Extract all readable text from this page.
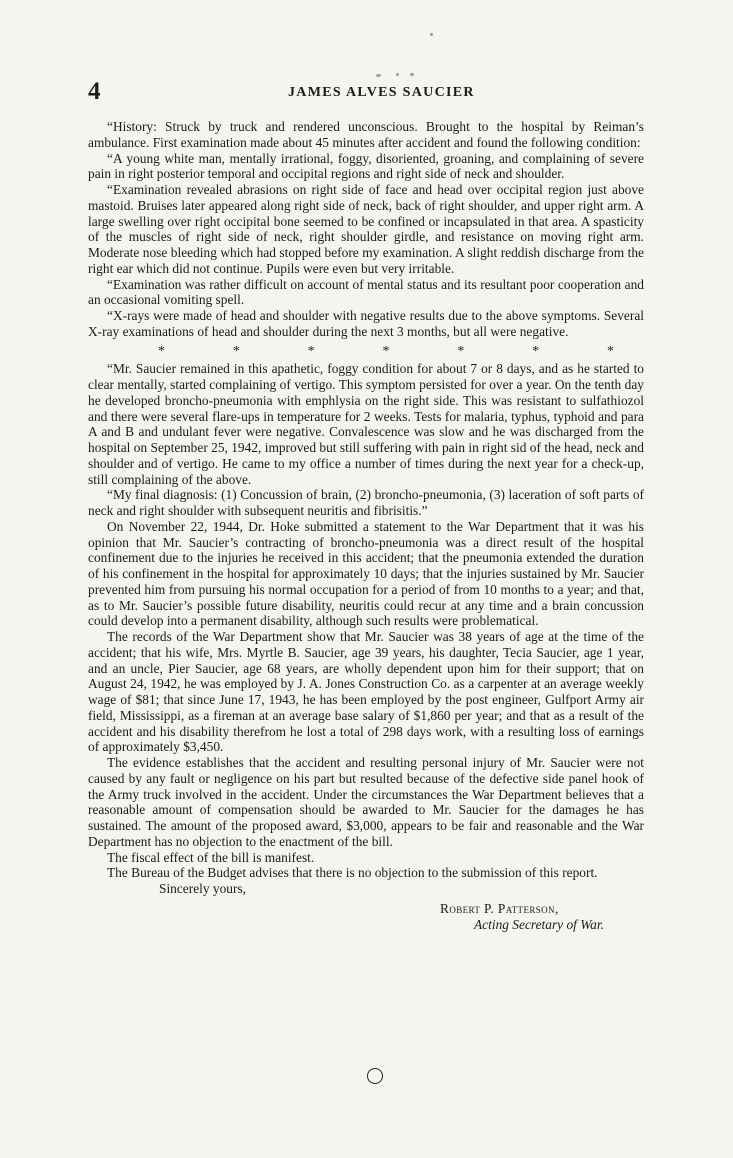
4	JAMES ALVES SAUCIER

“History: Struck by truck and rendered unconscious. Brought to the hospital by Reiman’s ambulance. First examination made about 45 minutes after accident and found the following condition:

“A young white man, mentally irrational, foggy, disoriented, groaning, and complaining of severe pain in right posterior temporal and occipital regions and right side of neck and shoulder.

“Examination revealed abrasions on right side of face and head over occipital region just above mastoid. Bruises later appeared along right side of neck, back of right shoulder, and upper right arm. A large swelling over right occipital bone seemed to be confined or incapsulated in that area. A spasticity of the muscles of right side of neck, right shoulder girdle, and resistance on moving right arm. Moderate nose bleeding which had stopped before my examination. A slight reddish discharge from the right ear which did not continue. Pupils were even but very irritable.

“Examination was rather difficult on account of mental status and its resultant poor cooperation and an occasional vomiting spell.

“X-rays were made of head and shoulder with negative results due to the above symptoms. Several X-ray examinations of head and shoulder during the next 3 months, but all were negative.

*	*	*	*	*	*	*

“Mr. Saucier remained in this apathetic, foggy condition for about 7 or 8 days, and as he started to clear mentally, started complaining of vertigo. This symptom persisted for over a year. On the tenth day he developed broncho-pneumonia with emphlysia on the right side. This was resistant to sulfathiozol and there were several flare-ups in temperature for 2 weeks. Tests for malaria, typhus, typhoid and para A and B and undulant fever were negative. Convalescence was slow and he was discharged from the hospital on September 25, 1942, improved but still suffering with pain in right sid of the head, neck and shoulder and of vertigo. He came to my office a number of times during the next year for a check-up, still complaining of the above.

“My final diagnosis: (1) Concussion of brain, (2) broncho-pneumonia, (3) laceration of soft parts of neck and right shoulder with subsequent neuritis and fibrisitis.”

On November 22, 1944, Dr. Hoke submitted a statement to the War Department that it was his opinion that Mr. Saucier’s contracting of broncho-pneumonia was a direct result of the hospital confinement due to the injuries he received in this accident; that the pneumonia extended the duration of his confinement in the hospital for approximately 10 days; that the injuries sustained by Mr. Saucier prevented him from pursuing his normal occupation for a period of from 10 months to a year; and that, as to Mr. Saucier’s possible future disability, neuritis could recur at any time and a brain concussion could develop into a permanent disability, although such results were problematical.

The records of the War Department show that Mr. Saucier was 38 years of age at the time of the accident; that his wife, Mrs. Myrtle B. Saucier, age 39 years, his daughter, Tecia Saucier, age 1 year, and an uncle, Pier Saucier, age 68 years, are wholly dependent upon him for their support; that on August 24, 1942, he was employed by J. A. Jones Construction Co. as a carpenter at an average weekly wage of $81; that since June 17, 1943, he has been employed by the post engineer, Gulfport Army air field, Mississippi, as a fireman at an average base salary of $1,860 per year; and that as a result of the accident and his disability therefrom he lost a total of 298 days work, with a resulting loss of earnings of approximately $3,450.

The evidence establishes that the accident and resulting personal injury of Mr. Saucier were not caused by any fault or negligence on his part but resulted because of the defective side panel hook of the Army truck involved in the accident. Under the circumstances the War Department believes that a reasonable amount of compensation should be awarded to Mr. Saucier for the damages he has sustained. The amount of the proposed award, $3,000, appears to be fair and reasonable and the War Department has no objection to the enactment of the bill.

The fiscal effect of the bill is manifest.

The Bureau of the Budget advises that there is no objection to the submission of this report.

Sincerely yours,

Robert P. Patterson,
Acting Secretary of War.
